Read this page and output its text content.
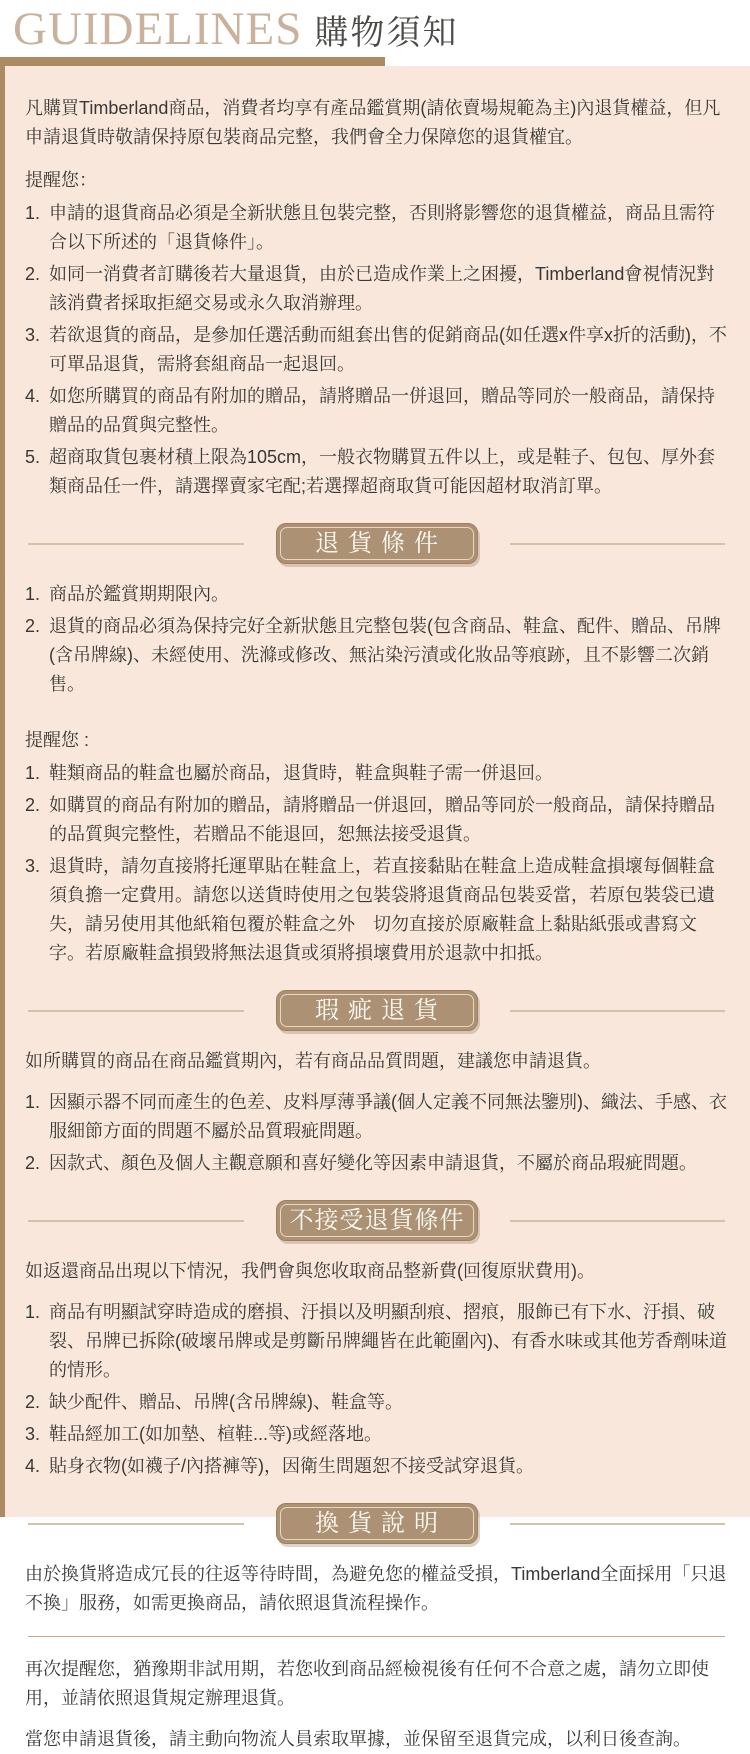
GUIDELINES 購物須知

凡購買Timberland商品，消費者均享有產品鑑賞期(請依賣場規範為主)內退貨權益，但凡申請退貨時敬請保持原包裝商品完整，我們會全力保障您的退貨權宜。

提醒您：

1. 申請的退貨商品必須是全新狀態且包裝完整，否則將影響您的退貨權益，商品且需符合以下所述的「退貨條件」。
2. 如同一消費者訂購後若大量退貨，由於已造成作業上之困擾，Timberland會視情況對該消費者採取拒絕交易或永久取消辦理。
3. 若欲退貨的商品，是參加任選活動而組套出售的促銷商品(如任選x件享x折的活動)，不可單品退貨，需將套組商品一起退回。
4. 如您所購買的商品有附加的贈品，請將贈品一併退回，贈品等同於一般商品，請保持贈品的品質與完整性。
5. 超商取貨包裹材積上限為105cm，一般衣物購買五件以上，或是鞋子、包包、厚外套類商品任一件，請選擇賣家宅配;若選擇超商取貨可能因超材取消訂單。
退貨條件
1. 商品於鑑賞期期限內。
2. 退貨的商品必須為保持完好全新狀態且完整包裝(包含商品、鞋盒、配件、贈品、吊牌(含吊牌線)、未經使用、洗滌或修改、無沾染污漬或化妝品等痕跡，且不影響二次銷售。

提醒您 :

1. 鞋類商品的鞋盒也屬於商品，退貨時，鞋盒與鞋子需一併退回。
2. 如購買的商品有附加的贈品，請將贈品一併退回，贈品等同於一般商品，請保持贈品的品質與完整性，若贈品不能退回，恕無法接受退貨。
3. 退貨時，請勿直接將托運單貼在鞋盒上，若直接黏貼在鞋盒上造成鞋盒損壞每個鞋盒須負擔一定費用。請您以送貨時使用之包裝袋將退貨商品包裝妥當，若原包裝袋已遺失，請另使用其他紙箱包覆於鞋盒之外　切勿直接於原廠鞋盒上黏貼紙張或書寫文字。若原廠鞋盒損毀將無法退貨或須將損壞費用於退款中扣抵。
瑕疵退貨

如所購買的商品在商品鑑賞期內，若有商品品質問題，建議您申請退貨。

1. 因顯示器不同而產生的色差、皮料厚薄爭議(個人定義不同無法鑒別)、織法、手感、衣服細節方面的問題不屬於品質瑕疵問題。
2. 因款式、顏色及個人主觀意願和喜好變化等因素申請退貨，不屬於商品瑕疵問題。
不接受退貨條件

如返還商品出現以下情況，我們會與您收取商品整新費(回復原狀費用)。

1. 商品有明顯試穿時造成的磨損、汙損以及明顯刮痕、摺痕，服飾已有下水、汙損、破裂、吊牌已拆除(破壞吊牌或是剪斷吊牌繩皆在此範圍內)、有香水味或其他芳香劑味道的情形。
2. 缺少配件、贈品、吊牌(含吊牌線)、鞋盒等。
3. 鞋品經加工(如加墊、楦鞋...等)或經落地。
4. 貼身衣物(如襪子/內搭褲等)，因衛生問題恕不接受試穿退貨。
換貨說明

由於換貨將造成冗長的往返等待時間，為避免您的權益受損，Timberland全面採用「只退不換」服務，如需更換商品，請依照退貨流程操作。

再次提醒您，猶豫期非試用期，若您收到商品經檢視後有任何不合意之處，請勿立即使用，並請依照退貨規定辦理退貨。

當您申請退貨後，請主動向物流人員索取單據，並保留至退貨完成，以利日後查詢。
